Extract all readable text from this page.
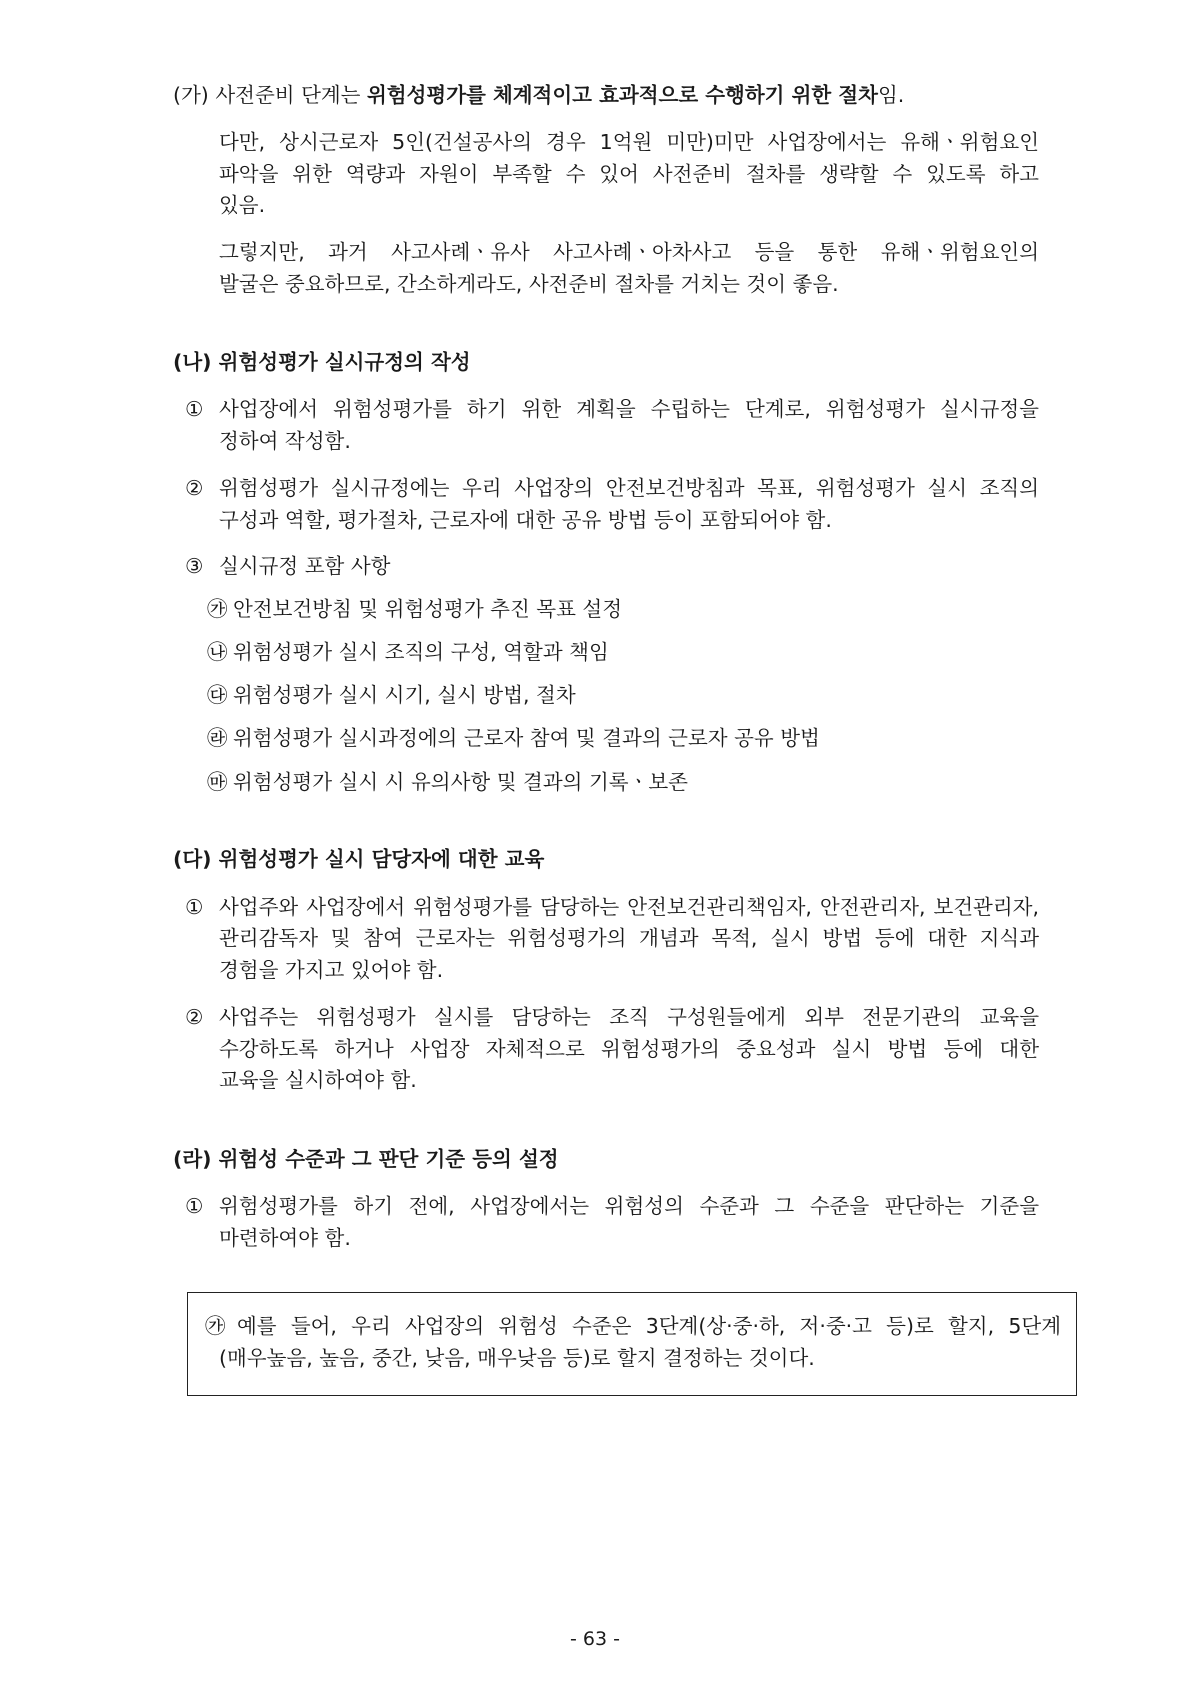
(가) 사전준비 단계는 위험성평가를 체계적이고 효과적으로 수행하기 위한 절차임.
다만, 상시근로자 5인(건설공사의 경우 1억원 미만)미만 사업장에서는 유해ㆍ위험요인
파악을 위한 역량과 자원이 부족할 수 있어 사전준비 절차를 생략할 수 있도록 하고
있음.
그렇지만, 과거 사고사례ㆍ유사 사고사례ㆍ아차사고 등을 통한 유해ㆍ위험요인의
발굴은 중요하므로, 간소하게라도, 사전준비 절차를 거치는 것이 좋음.
(나) 위험성평가 실시규정의 작성
① 사업장에서 위험성평가를 하기 위한 계획을 수립하는 단계로, 위험성평가 실시규정을
정하여 작성함.
② 위험성평가 실시규정에는 우리 사업장의 안전보건방침과 목표, 위험성평가 실시 조직의
구성과 역할, 평가절차, 근로자에 대한 공유 방법 등이 포함되어야 함.
③ 실시규정 포함 사항
㉮ 안전보건방침 및 위험성평가 추진 목표 설정
㉯ 위험성평가 실시 조직의 구성, 역할과 책임
㉰ 위험성평가 실시 시기, 실시 방법, 절차
㉱ 위험성평가 실시과정에의 근로자 참여 및 결과의 근로자 공유 방법
㉲ 위험성평가 실시 시 유의사항 및 결과의 기록ㆍ보존
(다) 위험성평가 실시 담당자에 대한 교육
① 사업주와 사업장에서 위험성평가를 담당하는 안전보건관리책임자, 안전관리자, 보건관리자,
관리감독자 및 참여 근로자는 위험성평가의 개념과 목적, 실시 방법 등에 대한 지식과
경험을 가지고 있어야 함.
② 사업주는 위험성평가 실시를 담당하는 조직 구성원들에게 외부 전문기관의 교육을
수강하도록 하거나 사업장 자체적으로 위험성평가의 중요성과 실시 방법 등에 대한
교육을 실시하여야 함.
(라) 위험성 수준과 그 판단 기준 등의 설정
① 위험성평가를 하기 전에, 사업장에서는 위험성의 수준과 그 수준을 판단하는 기준을
마련하여야 함.
㉮ 예를 들어, 우리 사업장의 위험성 수준은 3단계(상·중·하, 저·중·고 등)로 할지, 5단계
(매우높음, 높음, 중간, 낮음, 매우낮음 등)로 할지 결정하는 것이다.
- 63 -
